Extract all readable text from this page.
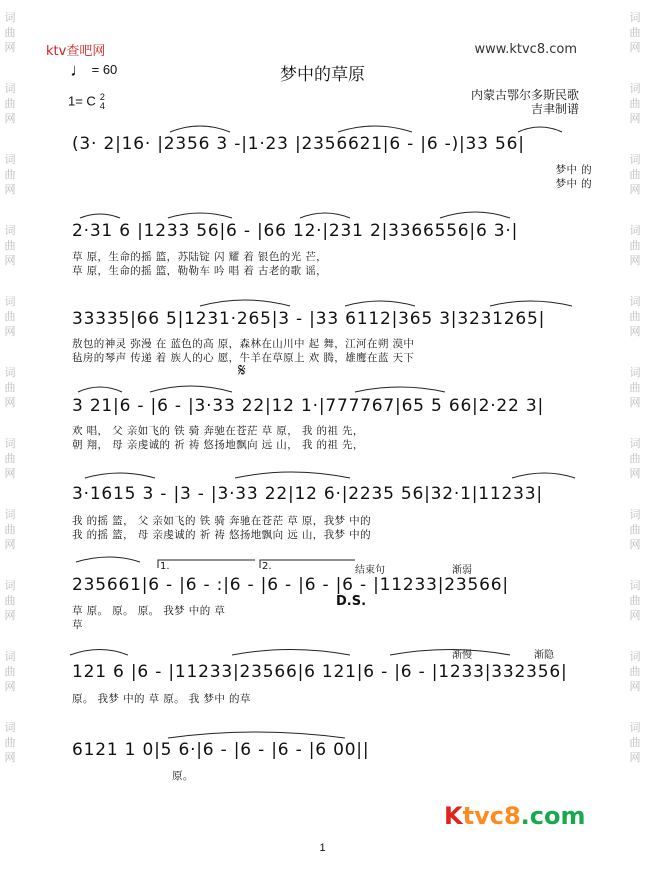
词曲网
词曲网
词曲网
词曲网
词曲网
词曲网
词曲网
词曲网
词曲网
词曲网
词曲网
词曲网
词曲网
词曲网
词曲网
词曲网
词曲网
词曲网
词曲网
词曲网
词曲网
词曲网
ktv查吧网	www.ktvc8.com
♩ = 60	梦中的草原
1= C 2
4
内蒙古鄂尔多斯民歌
吉聿制谱
(3· 2|16· |2356 3 -|1·23 |2356621|6 - |6 -)|33 56|
梦中 的
梦中 的
2·31 6 |1233 56|6 - |66 12·|231 2|3366556|6 3·|
草 原，生命的摇 篮，苏陆锭 闪 耀 着 银色的光 芒，
草 原，生命的摇 篮，勒勒车 吟 唱 着 古老的歌 谣，
33335|66 5|1231·265|3 - |33 6112|365 3|3231265|
敖包的神灵 弥漫 在 蓝色的高 原，森林在山川中 起 舞，江河在朔 漠中
毡房的琴声 传递 着 族人的心 愿，牛羊在草原上 欢 腾，雄鹰在蓝 天下
𝄋
3 21|6 - |6 - |3·33 22|12 1·|777767|65 5 66|2·22 3|
欢 唱， 父 亲如飞的 铁 骑 奔驰在苍茫 草 原， 我 的祖 先，
朝 翔， 母 亲虔诚的 祈 祷 悠扬地飘向 远 山， 我 的祖 先，
3·1615 3 - |3 - |3·33 22|12 6·|2235 56|32·1|11233|
我 的摇 篮， 父 亲如飞的 铁 骑 奔驰在苍茫 草 原，我梦 中的
我 的摇 篮， 母 亲虔诚的 祈 祷 悠扬地飘向 远 山，我梦 中的
1.	2.	结束句	渐弱
235661|6 - |6 - :|6 - |6 - |6 - |6 - |11233|23566|
D.S.
草 原。 原。 原。 我梦 中的 草
草
渐慢	渐隐
121 6 |6 - |11233|23566|6 121|6 - |6 - |1233|332356|
原。 我梦 中的 草 原。 我 梦中 的草
6121 1 0|5 6·|6 - |6 - |6 - |6 00||
原。
Ktvc8.com
1
